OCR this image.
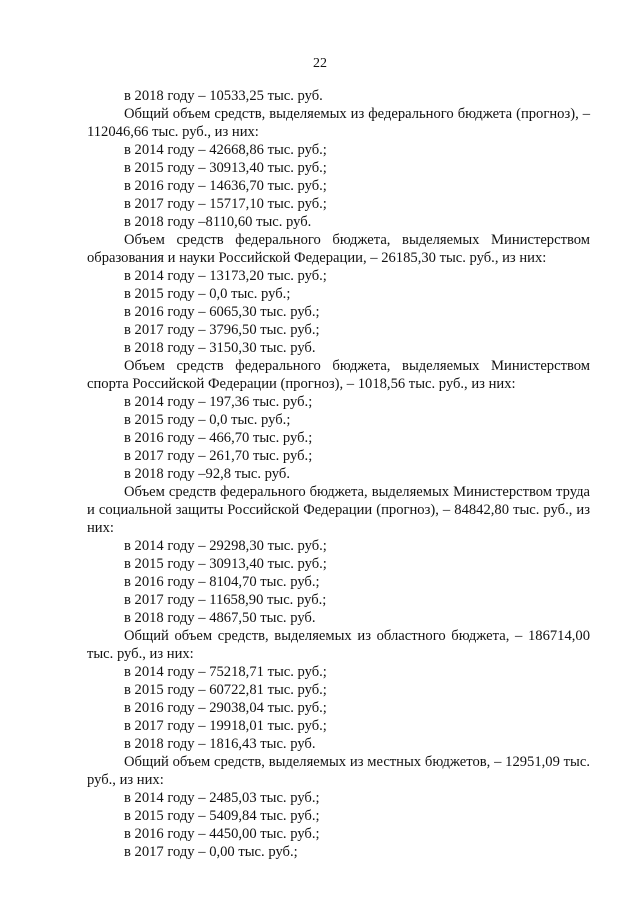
22
в 2018 году – 10533,25 тыс. руб.
Общий объем средств, выделяемых из федерального бюджета (прогноз), – 112046,66 тыс. руб., из них:
в 2014 году – 42668,86 тыс. руб.;
в 2015 году – 30913,40 тыс. руб.;
в 2016 году – 14636,70 тыс. руб.;
в 2017 году – 15717,10 тыс. руб.;
в 2018 году –8110,60 тыс. руб.
Объем средств федерального бюджета, выделяемых Министерством образования и науки Российской Федерации, – 26185,30 тыс. руб., из них:
в 2014 году – 13173,20 тыс. руб.;
в 2015 году – 0,0 тыс. руб.;
в 2016 году – 6065,30 тыс. руб.;
в 2017 году – 3796,50 тыс. руб.;
в 2018 году – 3150,30 тыс. руб.
Объем средств федерального бюджета, выделяемых Министерством спорта Российской Федерации (прогноз), – 1018,56 тыс. руб., из них:
в 2014 году – 197,36 тыс. руб.;
в 2015 году – 0,0 тыс. руб.;
в 2016 году – 466,70 тыс. руб.;
в 2017 году – 261,70 тыс. руб.;
в 2018 году –92,8 тыс. руб.
Объем средств федерального бюджета, выделяемых Министерством труда и социальной защиты Российской Федерации (прогноз), – 84842,80 тыс. руб., из них:
в 2014 году – 29298,30 тыс. руб.;
в 2015 году – 30913,40 тыс. руб.;
в 2016 году – 8104,70 тыс. руб.;
в 2017 году – 11658,90 тыс. руб.;
в 2018 году – 4867,50 тыс. руб.
Общий объем средств, выделяемых из областного бюджета, – 186714,00 тыс. руб., из них:
в 2014 году – 75218,71 тыс. руб.;
в 2015 году – 60722,81 тыс. руб.;
в 2016 году – 29038,04 тыс. руб.;
в 2017 году – 19918,01 тыс. руб.;
в 2018 году – 1816,43 тыс. руб.
Общий объем средств, выделяемых из местных бюджетов, – 12951,09 тыс. руб., из них:
в 2014 году – 2485,03 тыс. руб.;
в 2015 году – 5409,84 тыс. руб.;
в 2016 году – 4450,00 тыс. руб.;
в 2017 году – 0,00 тыс. руб.;
